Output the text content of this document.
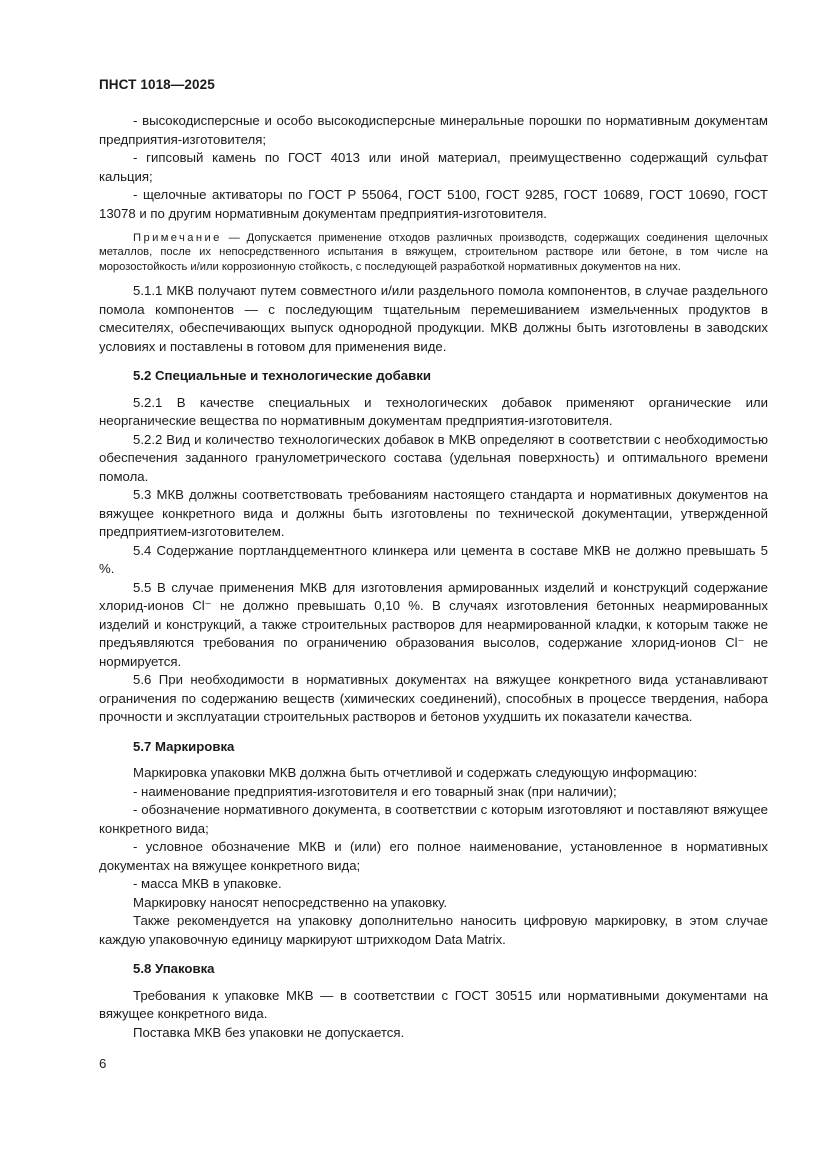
ПНСТ 1018—2025

- высокодисперсные и особо высокодисперсные минеральные порошки по нормативным документам предприятия-изготовителя;

- гипсовый камень по ГОСТ 4013 или иной материал, преимущественно содержащий сульфат кальция;

- щелочные активаторы по ГОСТ Р 55064, ГОСТ 5100, ГОСТ 9285, ГОСТ 10689, ГОСТ 10690, ГОСТ 13078 и по другим нормативным документам предприятия-изготовителя.

Примечание — Допускается применение отходов различных производств, содержащих соединения щелочных металлов, после их непосредственного испытания в вяжущем, строительном растворе или бетоне, в том числе на морозостойкость и/или коррозионную стойкость, с последующей разработкой нормативных документов на них.

5.1.1 МКВ получают путем совместного и/или раздельного помола компонентов, в случае раздельного помола компонентов — с последующим тщательным перемешиванием измельченных продуктов в смесителях, обеспечивающих выпуск однородной продукции. МКВ должны быть изготовлены в заводских условиях и поставлены в готовом для применения виде.

5.2 Специальные и технологические добавки

5.2.1 В качестве специальных и технологических добавок применяют органические или неорганические вещества по нормативным документам предприятия-изготовителя.

5.2.2 Вид и количество технологических добавок в МКВ определяют в соответствии с необходимостью обеспечения заданного гранулометрического состава (удельная поверхность) и оптимального времени помола.

5.3 МКВ должны соответствовать требованиям настоящего стандарта и нормативных документов на вяжущее конкретного вида и должны быть изготовлены по технической документации, утвержденной предприятием-изготовителем.

5.4 Содержание портландцементного клинкера или цемента в составе МКВ не должно превышать 5 %.

5.5 В случае применения МКВ для изготовления армированных изделий и конструкций содержание хлорид-ионов Cl⁻ не должно превышать 0,10 %. В случаях изготовления бетонных неармированных изделий и конструкций, а также строительных растворов для неармированной кладки, к которым также не предъявляются требования по ограничению образования высолов, содержание хлорид-ионов Cl⁻ не нормируется.

5.6 При необходимости в нормативных документах на вяжущее конкретного вида устанавливают ограничения по содержанию веществ (химических соединений), способных в процессе твердения, набора прочности и эксплуатации строительных растворов и бетонов ухудшить их показатели качества.

5.7 Маркировка

Маркировка упаковки МКВ должна быть отчетливой и содержать следующую информацию:

- наименование предприятия-изготовителя и его товарный знак (при наличии);

- обозначение нормативного документа, в соответствии с которым изготовляют и поставляют вяжущее конкретного вида;

- условное обозначение МКВ и (или) его полное наименование, установленное в нормативных документах на вяжущее конкретного вида;

- масса МКВ в упаковке.

Маркировку наносят непосредственно на упаковку.

Также рекомендуется на упаковку дополнительно наносить цифровую маркировку, в этом случае каждую упаковочную единицу маркируют штрихкодом Data Matrix.

5.8 Упаковка

Требования к упаковке МКВ — в соответствии с ГОСТ 30515 или нормативными документами на вяжущее конкретного вида.

Поставка МКВ без упаковки не допускается.

6
